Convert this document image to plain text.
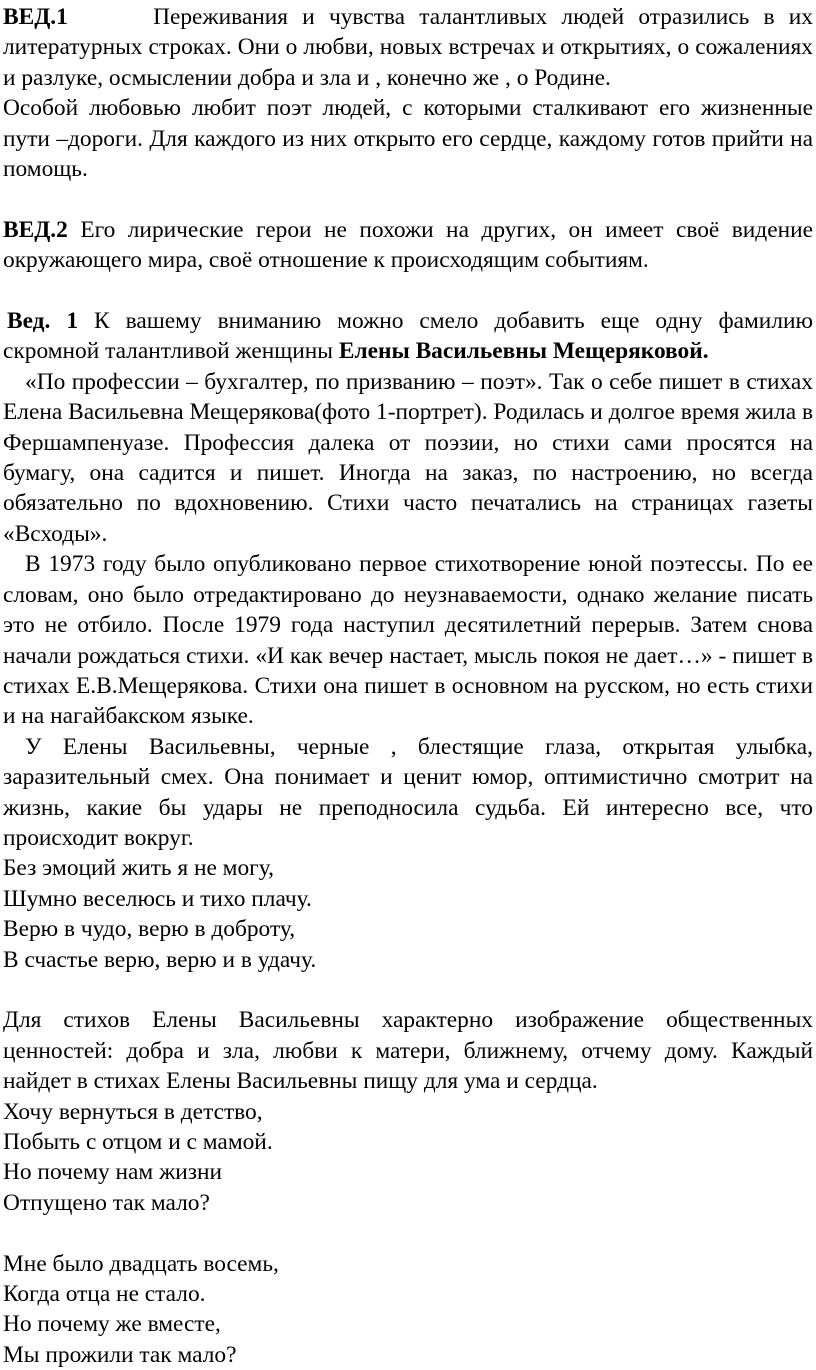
ВЕД.1	Переживания и чувства талантливых людей отразились в их литературных строках. Они о любви, новых встречах и открытиях, о сожалениях и разлуке, осмыслении добра и зла и , конечно же , о Родине.

Особой любовью любит поэт людей, с которыми сталкивают его жизненные пути –дороги. Для каждого из них открыто его сердце, каждому готов прийти на помощь.

ВЕД.2 Его лирические герои не похожи на других, он имеет своё видение окружающего мира, своё отношение к происходящим событиям.

Вед. 1 К вашему вниманию можно смело добавить еще одну фамилию скромной талантливой женщины Елены Васильевны Мещеряковой.

«По профессии – бухгалтер, по призванию – поэт». Так о себе пишет в стихах Елена Васильевна Мещерякова(фото 1-портрет). Родилась и долгое время жила в Фершампенуазе. Профессия далека от поэзии, но стихи сами просятся на бумагу, она садится и пишет. Иногда на заказ, по настроению, но всегда обязательно по вдохновению. Стихи часто печатались на страницах газеты «Всходы».

В 1973 году было опубликовано первое стихотворение юной поэтессы. По ее словам, оно было отредактировано до неузнаваемости, однако желание писать это не отбило. После 1979 года наступил десятилетний перерыв. Затем снова начали рождаться стихи. «И как вечер настает, мысль покоя не дает…» - пишет в стихах Е.В.Мещерякова. Стихи она пишет в основном на русском, но есть стихи и на нагайбакском языке.

У Елены Васильевны, черные , блестящие глаза, открытая улыбка, заразительный смех. Она понимает и ценит юмор, оптимистично смотрит на жизнь, какие бы удары не преподносила судьба. Ей интересно все, что происходит вокруг.

Без эмоций жить я не могу,

Шумно веселюсь и тихо плачу.

Верю в чудо, верю в доброту,

В счастье верю, верю и в удачу.

Для стихов Елены Васильевны характерно изображение общественных ценностей: добра и зла, любви к матери, ближнему, отчему дому. Каждый найдет в стихах Елены Васильевны пищу для ума и сердца.

Хочу вернуться в детство,

Побыть с отцом и с мамой.

Но почему нам жизни

Отпущено так мало?

Мне было двадцать восемь,

Когда отца не стало.

Но почему же вместе,

Мы прожили так мало?
